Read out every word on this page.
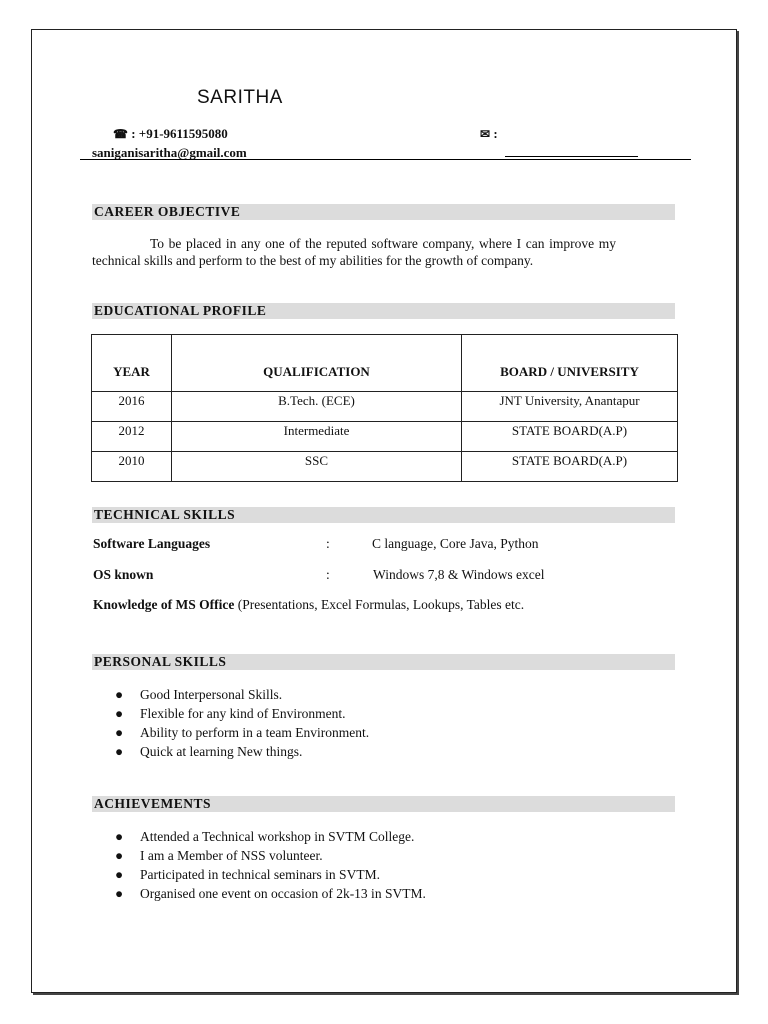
SARITHA
☎ : +91-9611595080	✉ :
saniganisaritha@gmail.com
CAREER OBJECTIVE
To be placed in any one of the reputed software company, where I can improve my technical skills and perform to the best of my abilities for the growth of company.
EDUCATIONAL PROFILE
YEAR	QUALIFICATION	BOARD / UNIVERSITY
2016	B.Tech. (ECE)	JNT University, Anantapur
2012	Intermediate	STATE BOARD(A.P)
2010	SSC	STATE BOARD(A.P)
TECHNICAL SKILLS
Software Languages	:	C language, Core Java, Python
OS known	:	Windows 7,8 & Windows excel
Knowledge of MS Office (Presentations, Excel Formulas, Lookups, Tables etc.
PERSONAL SKILLS
● Good Interpersonal Skills.
● Flexible for any kind of Environment.
● Ability to perform in a team Environment.
● Quick at learning New things.
ACHIEVEMENTS
● Attended a Technical workshop in SVTM College.
● I am a Member of NSS volunteer.
● Participated in technical seminars in SVTM.
● Organised one event on occasion of 2k-13 in SVTM.
